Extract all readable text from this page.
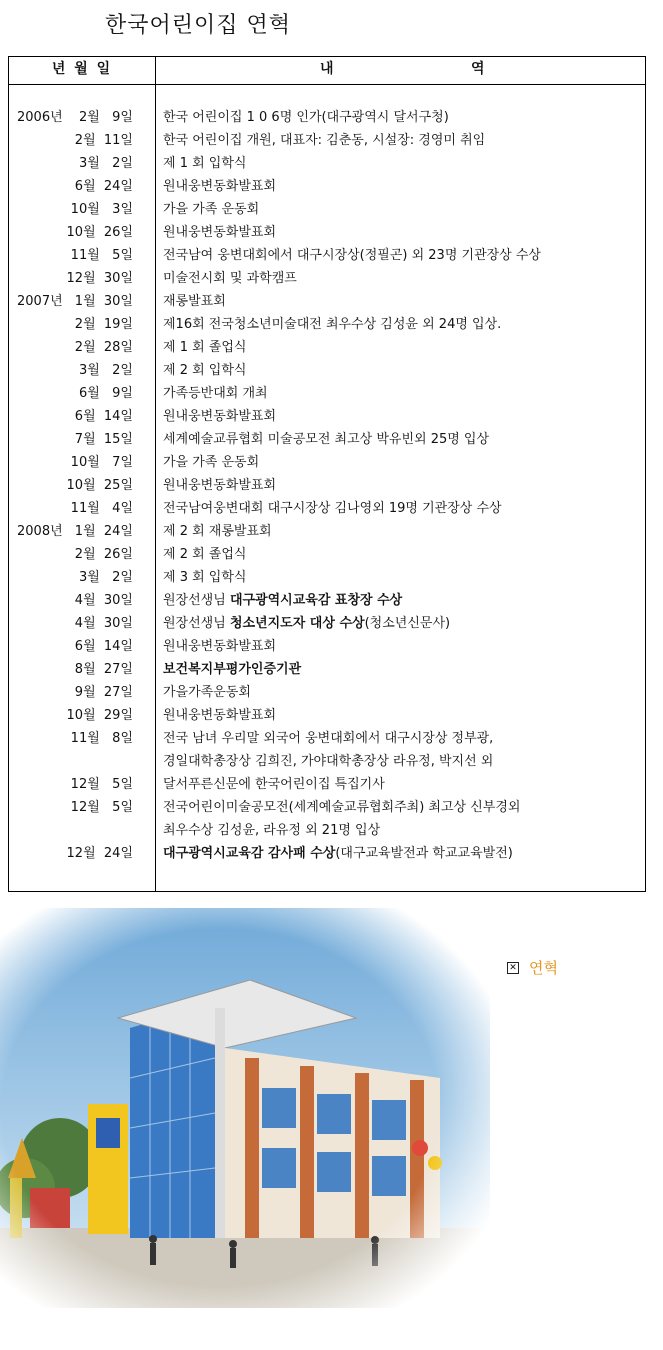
한국어린이집 연혁
년 월 일	내	역
2006년	2월   9일 한국 어린이집 1 0 6명 인가(대구광역시 달서구청)
2월  11일 한국 어린이집 개원, 대표자: 김춘동, 시설장: 경영미 취임
3월   2일 제 1 회 입학식
6월  24일 원내웅변동화발표회
10월   3일 가을 가족 운동회
10월  26일 원내웅변동화발표회
11월   5일 전국남여 웅변대회에서 대구시장상(정필곤) 외 23명 기관장상 수상
12월  30일 미술전시회 및 과학캠프
2007년 1월  30일 재롱발표회
2월  19일 제16회 전국청소년미술대전 최우수상 김성윤 외 24명 입상.
2월  28일 제 1 회 졸업식
3월   2일 제 2 회 입학식
6월   9일 가족등반대회 개최
6월  14일 원내웅변동화발표회
7월  15일 세계예술교류협회 미술공모전 최고상 박유빈외 25명 입상
10월   7일 가을 가족 운동회
10월  25일 원내웅변동화발표회
11월   4일 전국남여웅변대회 대구시장상 김나영외 19명 기관장상 수상
2008년 1월  24일 제 2 회 재롱발표회
2월  26일 제 2 회 졸업식
3월   2일 제 3 회 입학식
4월  30일 원장선생님 대구광역시교육감 표창장 수상
4월  30일 원장선생님 청소년지도자 대상 수상(청소년신문사)
6월  14일 원내웅변동화발표회
8월  27일 보건복지부평가인증기관
9월  27일 가을가족운동회
10월  29일 원내웅변동화발표회
11월   8일 전국 남녀 우리말 외국어 웅변대회에서 대구시장상 정부광,
경일대학총장상 김희진, 가야대학총장상 라유정, 박지선 외
12월   5일 달서푸른신문에 한국어린이집 특집기사
12월   5일 전국어린이미술공모전(세계예술교류협회주최) 최고상 신부경외
최우수상 김성윤, 라유정 외 21명 입상
12월  24일 대구광역시교육감 감사패 수상(대구교육발전과 학교교육발전)
✕ 연혁
